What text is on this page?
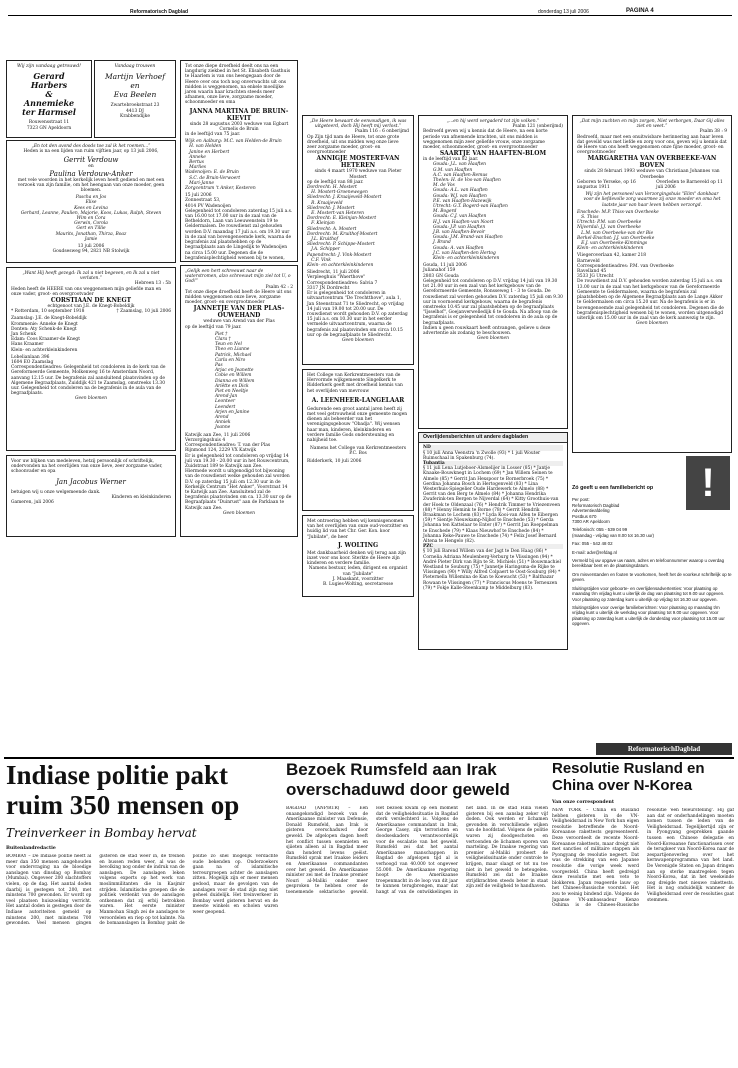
Reformatorisch Dagblad	donderdag 13 juli 2006	PAGINA 4
Wij zijn vandaag getrouwd!
Gerard
Harbers
&
Annemieke
ter Harmsel
Rouwensstraat 11
7323 GN Apeldoorn
Vandaag trouwen
Martijn Verhoef
en
Eva Beelen
Zwartebroekstraat 23
4413 DJ
Krabbendijke
„En tot den avond des doods toe zal ik het roemen...”
Heden is na een lijden van ruim vijftien jaar, op 13 juli 2006,
Gerrit Verdouw
en
Paulina Verdouw-Anker
met vele woorden in het kerkelijk leven heeft gediend en met een verzoek van zijn familie, om het heengaan van onze moeder, geen bloemen.
Pascha en Jos
Elise
Kees en Levina
Gerhard, Leanne, Paulien, Majorie, Koos, Lukas, Ralph, Steven
Wim en Cora
Gerwin, Corola
Gert en Tillie
Maurits, Jonathan, Thirza, Boaz
Jamie
13 juli 2006
Goudsesweg 94, 2821 NB Stolwijk
„Want Hij heeft gezegd: Ik zal u niet begeven, en Ik zal u niet verlaten.”
Hebreen 13 : 5b
Heden heeft de HEERE van ons weggenomen mijn geliefde man en onze vader, groot- en overgrootvader
CORSTIAAN DE KNEGT
echtgenoot van J.E. de Knegt-Bobeldijk
* Rotterdam, 10 september 1918	† Zaamslag, 10 juli 2006
Zaamslag: J.E. de Knegt-Bobeldijk
Krommenie: Anneke de Knegt
Donten: Aty Schenk-de Knegt
Jan Schenk
Edam: Coos Kraamer-de Knegt
Hans Kraamer
Klein- en achterkleinkinderen
Lobelianlaan 396
1604 EO Zaamslag
Correspondentieadres: Gelegenheid tot condoleren in de kerk van de Gereformeerde Gemeente, Molkenweg 16 te Amsterdam Noord, aanvang 12.15 uur. De begrafenis zal aansluitend plaatsvinden op de Algemene Begraafplaats, Zuiddijk 421 te Zaamslag, omstreeks 13.30 uur. Gelegenheid tot condoleren na de begrafenis in de aula van de begraafplaats.
Geen bloemen
Voor uw blijken van medeleven, hetzij persoonlijk of schriftelijk, ondervonden na het overlijden van onze lieve, zeer zorgzame vader, schoonvader en opa
Jan Jacobus Werner
betuigen wij u onze welgemeende dank.
Kinderen en kleinkinderen
Gameren, juli 2006
Tot onze diepe droefheid deelt ons na een langdurig ziekbed in het St. Elisabeth Gasthuis te Haarlem is van ons heengegaan door de Heere over ons toch nog onverwachts uit ons midden is weggenomen, na enkele moeilijke jaren waarin haar krachten steeds meer afnamen, onze lieve, zorgzame moeder, schoonmoeder en oma
JANNA MARTINA DE BRUIN-KIEVIT
sinds 28 augustus 2003 weduwe van Egbart Cornelis de Bruin
in de leeftijd van 75 jaar.
Wijk en Aalburg: M.C. van Helden-de Bruin
H. van Helden
Janine en Herbert
Anneke
Bertus
Marlies
Wadenoijen: E. de Bruin
S.C. de Bruin-Verwoert
Mari-Janne
Zorgcentrum 't Anker, Kesteren
15 juli 2006
Zonnestraat 53,
4014 PV Wadenoijen
Gelegenheid tot condoleren zaterdag 15 juli a.s. van 16.00 tot 17.00 uur in de zaal van de Betheldorn, Laan van Leeuwenstein 19 te Geldermalsen. De rouwdienst zal gehouden worden D.V. maandag 17 juli a.s. om 19.30 uur in de zaal van bovengenoemde kerk, waarna de begrafenis zal plaatshebben op de begraafplaats aan de Lingedijk te Wadenoijen na circa 15.00 uur. Degenen die de begrafenisplechtigheid wensen bij te wonen,
„Gelijk een hert schreeuwt naar de waterstromen, alzo schreeuwt mijn ziel tot U, o God!”
Psalm 42 : 2
Tot onze diepe droefheid heeft de Heere uit ons midden weggenomen onze lieve, zorgzame moeder, groot- en overgrootmoeder
JANNETJE VAN DER PLAS-OUWEHAND
weduwe van Arend van der Plas
op de leeftijd van 79 jaar.
Piet †
Clara †
Teun en Nel
Theo en Lianne
Patrick, Michael
Carla en Niro
Pas
Arjac en Jeanette
Cobie en Willem
Dianna en Willem
Ariëtte en Dick
Piet en Neeltje
Arend-Jan
Leonteer
Leendert
Arjen en Janine
Arend
Anniek
Joanne
Katwijk aan Zee, 11 juli 2006
Verzorgingshuis 4
Correspondentieadres: T. van der Plas
Rijnmond 124, 2229 VX Katwijk
Er is gelegenheid tot condoleren op vrijdag 14 juli van 19.30 - 20.00 uur in het Rouwcentrum, Zuidstraat 189 te Katwijk aan Zee.
Hiermede wordt u uitgenodigd tot bijwoning van de rouwdienst welke gehouden zal worden D.V. op zaterdag 15 juli om 12.30 uur in de Kerkelijk Centrum "Het Anker", Voorstraat 14 te Katwijk aan Zee. Aansluitend zal de begrafenis plaatsvinden om ca. 13.30 uur op de Begraafplaats "Duinrust" aan de Parklaan te Katwijk aan Zee.
Geen bloemen
„De Heere bewaart de eenvoudigen, ik was uitgeteerd, doch Hij heeft mij verlost.”
Psalm 116 : 6 onberijmd
Op Zijn tijd nam de Heere, tot onze grote droefheid, uit ons midden weg onze lieve zeer zorgzame moeder, groot- en overgrootmoeder
ANNIGJE MOSTERT-VAN HETEREN
sinds 4 maart 1970 weduwe van Pieter Mostert
op de leeftijd van 88 jaar.
Dordrecht: H. Mostert
H. Mostert-Groenewegen
Sliedrecht: J. Kraaijeveld-Mostert
R. Kraaijeveld
Sliedrecht: J. Mostert
E. Mostert-van Heteren
Dordrecht: E. Kleinjan-Mostert
F. Kleinjan
Sliedrecht: A. Mostert
Dordrecht: M. Kruithof-Mostert
J.L. Kruithof
Sliedrecht: P. Schippe-Mostert
J.A. Schipper
Papendrecht: J. Vink-Mostert
C.F. Vink
Klein- en achterkleinkinderen
Sliedrecht, 11 juli 2006
Verpleeghuis "Waerthove"
Correspondentieadres: Salvia 7
3317 JN Dordrecht
Er is gelegenheid tot condoleren in uitvaartcentrum "De Trechtthove", aula 1, Jan Steenstraat 71 te Sliedrecht, op vrijdag 14 juli van 19.00 tot 20.00 uur. De rouwdienst wordt gehouden D.V. op zaterdag 15 juli a.s. om 10.30 uur in het eerder vermelde uitvaartcentrum, waarna de begrafenis zal plaatsvinden om circa 10.15 uur op de begraafplaats te Sliedrecht.
Geen bloemen
Het College van Kerkrentmeesters van de Hervormde wijkgemeente Singelkerk te Ridderkerk geeft met droefheid kennis van het overlijden van mevrouw
A. LEENHEER-LANGELAAR
Gedurende een groot aantal jaren heeft zij met veel getrouwheid onze gemeente mogen dienen als beheerder van het verenigingsgebouw "Obadja". Wij wensen haar man, kinderen, kleinkinderen en verdere familie Gods ondersteuning en nabijheid toe.
Namens het College van Kerkrentmeesters
P.C. Bos
Ridderkerk, 10 juli 2006
Met ontroering hebben wij kennisgenomen van het overlijden van onze oud-voorzitter en huidig lid van het Chr. Ger. Kon. koor "Jubilate", de heer
J. WOLTING
Met dankbaarheid denken wij terug aan zijn inzet voor ons koor. Sterkte de Heere zijn kinderen en verdere familie.
Namens bestuur, leden, dirigent en organist van "Jubilate"
J. Maaskant, voorzitter
B. Lugies-Wolting, secretaresse
„...en hij werd vergaderd tot zijn volken.”
Psalm 121 (onberijmd)
Bedroefd geven wij u kennis dat de Heere, na een korte periode van afnemende krachten, uit ons midden is weggenomen mijn zeer geliefde vrouw, onze zorgzame moeder, schoonmoeder, groot- en overgrootmoeder
SAARTJE VAN HAAFTEN-BLOM
in de leeftijd van 82 jaar.
Gouda: J.L. van Haaften
G.M. van Haaften
A.C. van Haaften-Remus
Thelen: H. de Vos-van Haaften
M. de Vos
Gouda: A.L. van Haaften
Gouda: W.J. van Haaften
P.E. van Haaften-Hazewijk
Utrecht: G.T. Bogerd-van Haaften
M. Bogerd
Gouda: C.J. van Haaften
H.J. van Haaften-van Noort
Gouda: J.P. van Haaften
J.B. van Haaften-Bevoir
Gouda: J.M. Brand-van Haaften
J. Brand
Gouda: A. van Haaften
J.C. van Haaften-den Hertog
Klein- en achterkleinkinderen
Gouda, 11 juli 2006
Julianahof 159
2803 GN Gouda
Gelegenheid tot condoleren op D.V. vrijdag 14 juli van 19.30 tot 21.00 uur in een zaal van het kerkgebouw van de Gereformeerde Gemeente, Ronsseweg 1 - 3 te Gouda. De rouwdienst zal worden gehouden D.V. zaterdag 15 juli om 9.30 uur in voornoemd kerkgebouw, waarna de begrafenis omstreeks 10.45 uur zal plaatshebben op de begraafplaats "Ijsselhof", Goejanverwelledijk 6 te Gouda. Na afloop van de begrafenis is er gelegenheid tot condoleren in de aula op de begraafplaats.
Indien u geen rouwkaart heeft ontvangen, gelieve u deze advertentie als zodanig te beschouwen.
Geen bloemen
Overlijdensberichten uit andere dagbladen
ND
§ 10 juli Anna Veenstra 'n Zwolle (93) * 1 juli Wouter Ruimschaal in Spakenburg (74).
Tubantia
§ 11 juli Lena Lutjeboer-Alsmelijer in Losser (85) * Jantje Knaake-Bouwknegt in Lochem (69) * Jan Willem Seinen te Almelo (85) * Gerrit Jan Hexspoor te Bornerbroek (75) * Gerdina Johanna Bosch in Hertogenveld (83) * Lina Westerhuis-Spiegelier Oude Hardewerk te Almelo (88) * Gerrit van den Berg te Almelo (84) * Johanna Hendrika Zwaferink-ten Bergen te Nijverdal (64) * Kitty Groothuis-van der Hoek te Oldenzaal (76) * Hendrik Timmer te Vriezenveen (88) * Henny Hemink te Borne (78) * Gerrit Hendrik Braakman te Lochem (83) * Lyda Kooi-van Alfen te Eibergen (59) * Sientje Nieuwkamp-Nijhof te Enschede (53) * Gerda Johanna ten Kattelaar te Enter (87) * Gerrit Jan Roeppelman te Enschede (79) * Klaas Nieuwhof te Enschede (84) * Johanna Reke-Pauwe te Enschede (74) * Felix Josef Bernard Altena te Hengelo (82).
PZC
§ 10 juli Barend Willem van der Jagt te Den Haag (86) * Cornelia Adriana Meulenberg-Verburg te Vlissingen (94) * André Pieter Dirk van Rijn te St. Michiels (51) * Bouwmachiel Westland te Souburg (75) * Jannetje Haringsma-de Rijke te Vlissingen (90) * Willy Alfred Colpaert te Oost-Souburg (84) * Pieternella Willemina de Kan te Koewacht (53) * Balthazar Rowaan te Vlissingen (77) * Franciscus Moens te Terneuzen (79) * Fokje Kalle-Steenkamp te Middelburg (83).
„Dat mijn zuchten en mijn zorgen, Niet verborgen, Daar Gij alles ziet en weet.”
Psalm 38 : 9
Bedroefd, maar met een onuitwisbare herinnering aan haar leven dat geveild was met liefde en zorg voor ons, geven wij u kennis dat de Heere van ons heeft weggenomen onze fijne moeder, groot- en overgrootmoeder
MARGARETHA VAN OVERBEEKE-VAN BOVEN
sinds 28 februari 1993 weduwe van Christiaan Johannes van Overbeeke
Geboren te Yerseke, op 16 augustus 1911
Overleden te Barneveld op 11 juli 2006
Wij zijn het personeel van Verzorgingshuis "Elim" dankbaar voor de liefdevolle zorg waarmee zij onze moeder en oma het laatste jaar van haar leven hebben verzorgd.
Enschede: M.P. Thiss-van Overbeeke
S. Thiss
Utrecht: P.M. van Overbeeke
Nijverdal: J.J. van Overbeeke
L.M. van Overbeeke-van der Bie
Berkel-Enschot: J.J. van Overbeeke
E.J. van Overbeeke-Kimmings
Klein- en achterkleinkinderen
Vliegeroverlaan 42, kamer 218
Barneveld
Correspondentieadres: P.M. van Overbeeke
Ravelland 45
3533 JG Utrecht
De rouwdienst zal D.V. gehouden worden zaterdag 15 juli a.s. om 13.00 uur in de zaal van het kerkgebouw van de Gereformeerde Gemeente te Geldermalsen, waarna de begrafenis zal plaatshebben op de Algemene Begraafplaats aan de Lange Akker te Geldermalsen om circa 15.20 uur. Na de begrafenis is er in bovengenoemde zaal gelegenheid tot condoleren. Degenen die de begrafenisplechtigheid wensen bij te wonen, worden uitgenodigd uiterlijk om 15.00 uur in de zaal van de kerk aanwezig te zijn.
Geen bloemen
!
Zó geeft u een familiebericht op
Per post:
Reformatorisch Dagblad
Advertentieafdeling
Postbus 670
7300 AR Apeldoorn
Telefonisch: 055 - 539 04 99
(maandag - vrijdag van 8.00 tot 16.30 uur)
Fax: 055 - 542 48 02
E-mail: advr@refdag.nl
Vermeld bij uw opgave uw naam, adres en telefoonnummer waarop u overdag bereikbaar bent en de plaatsingsdatum.
Om misverstanden en fouten te voorkomen, heeft het de voorkeur schriftelijk op te geven.
Sluitingstijden voor geboorte- en overlijdensadvertenties: Voor plaatsing op maandag t/m vrijdag kunt u uiterlijk de dag van plaatsing tot 9.00 uur opgeven. Voor plaatsing op zaterdag kunt u uiterlijk op vrijdag tot 16.30 uur opgeven.
Sluitingstijden voor overige familieberichten: Voor plaatsing op maandag t/m vrijdag kunt u uiterlijk de werkdag voor plaatsing tot 9.00 uur opgeven. Voor plaatsing op zaterdag kunt u uiterlijk de donderdag voor plaatsing tot 15.00 uur opgeven.
ReformatorischDagblad
Indiase politie pakt ruim 350 mensen op
Treinverkeer in Bombay hervat
Buitenlandredactie
BOMBAY – De Indiase politie heeft al meer dan 350 mensen aangehouden voor ondervraging na de bloedige aanslagen van dinsdag op Bombay (Mumbai). Ongeveer 200 slachtoffers vielen, op de dag. Het aantal doden daarbij is gestegen tot 200, met minstens 700 gewonden. Er wordt op veel plaatsen huiszoeking verricht. Het aantal doden is gestegen door de Indiase autoriteiten gemeld op minstens 200, met minstens 700 gewonden. Veel mensen gingen gisteren de stad weer in, de treinen en bussen reden weer, al was de bevolking nog onder de indruk van de aanslagen. De aanslagen leken volgens experts op het werk van moslimmilitanten die in Kasjmir strijden. Islamitische groepen die de politiek verdenkt van de aanslagen ontkennen dat zij erbij betrokken waren. Het eerste minister Manmohan Singh zei de aanslagen te veroordelen en riep op tot kalmte. Na de bomaanslagen in Bombay pakt de politie zo snel mogelijk verdachte oude bekenden op. Onderzoekers gaan na of islamitische terreurgroepen achter de aanslagen zitten. Mogelijk zijn er meer mensen gedood, maar de gevolgen van de aanslagen voor de stad zijn nog niet geheel duidelijk. Het treinverkeer in Bombay werd gisteren hervat en de meeste winkels en scholen waren weer geopend.
Bezoek Rumsfeld aan Irak overschaduwd door geweld
BAGDAD (ANP/RTR) – Een onaangekondigd bezoek van de Amerikaanse minister van Defensie, Donald Rumsfeld, aan Irak is gisteren overschaduwd door geweld. De afgelopen dagen heeft het conflict tussen soennieten en sjiieten alleen al in Bagdad meer dan honderd levens geëist. Rumsfeld sprak met Iraakse leiders en Amerikaanse commandanten over het geweld. De Amerikaanse minister zei met de Iraakse premier Nouri al-Maliki onder meer gesproken te hebben over de toenemende sektarische geweld. Het bezoek kwam op een moment dat de veiligheidssituatie in Bagdad sterk verslechterd is. Volgens de Amerikaanse commandant in Irak, George Casey, zijn terroristen en doodseskaders verantwoordelijk voor de escalatie van het geweld. Rumsfeld zei dat het aantal Amerikaanse manschappen in Bagdad de afgelopen tijd al is verhoogd van 40.000 tot ongeveer 55.000. De Amerikaanse regering hoopt de Amerikaanse troepenmacht in de loop van dit jaar te kunnen terugbrengen, maar dat hangt af van de ontwikkelingen in het land. In de stad Hilla vielen gisteren bij een aanslag zeker vijf doden. Ook werden er lichamen gevonden in verschillende wijken van de hoofdstad. Volgens de politie waren zij doodgeschoten en vertoonden de lichamen sporen van marteling. De Iraakse regering van premier al-Maliki probeert de veiligheidssituatie onder controle te krijgen, maar slaagt er tot nu toe niet in het geweld te beteugelen. Rumsfeld zei dat de Iraakse strijdkrachten steeds beter in staat zijn zelf de veiligheid te handhaven.
Resolutie Rusland en China over N-Korea
Van onze correspondent
NEW YORK – China en Rusland hebben gisteren in de VN-Veiligheidsraad in New York hun eigen resolutie betreffende de Noord-Koreaanse rakettests gepresenteerd. Deze veroordeelt de recente Noord-Koreaanse rakettests, maar dreigt niet met sancties of militaire stappen als Pyongyang de resolutie negeert. Dat was de strekking van een Japanse resolutie die vorige week werd voorgesteld. China heeft gedreigd deze resolutie met een veto te blokkeren. Japan reageerde lauw op het Chinees-Russische voorstel. Het zou te weinig bindend zijn. Volgens de Japanse VN-ambassadeur Kenzo Oshima is de Chinees-Russische resolutie 'een teleurstelling'. Hij gaf aan dat er onderhandelingen moeten komen tussen de leden van de Veiligheidsraad. Tegelijkertijd zijn er in Pyongyang gesprekken gaande tussen een Chinese delegatie en Noord-Koreaanse functionarissen over de terugkeer van Noord-Korea naar de zespartijenoverleg over het kernwapenprogramma van het land. De Verenigde Staten en Japan dringen aan op sterke maatregelen tegen Noord-Korea, dat in het weekeinde nog dreigde met nieuwe rakettests. Het is nog onduidelijk wanneer de Veiligheidsraad over de resoluties gaat stemmen.
